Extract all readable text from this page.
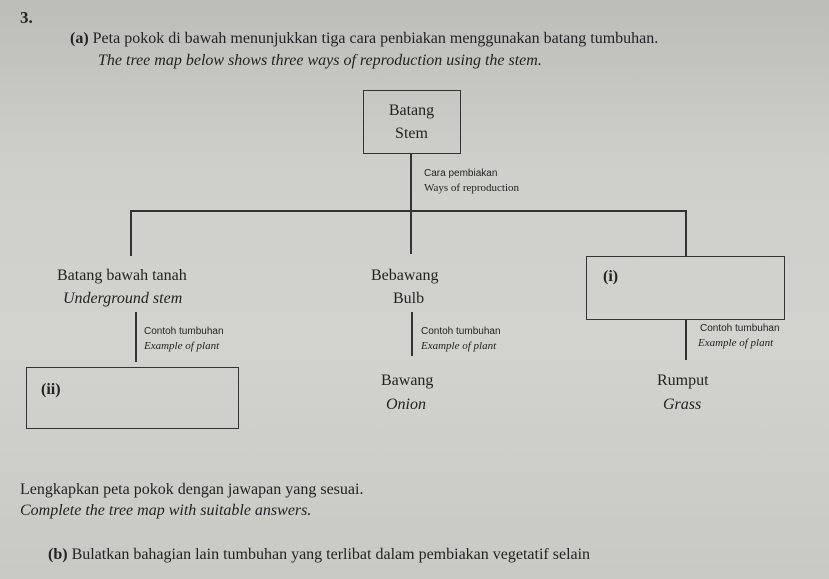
3.
(a) Peta pokok di bawah menunjukkan tiga cara penbiakan menggunakan batang tumbuhan.
The tree map below shows three ways of reproduction using the stem.
Batang
Stem
Cara pembiakan
Ways of reproduction
Batang bawah tanah
Underground stem
Contoh tumbuhan
Example of plant
(ii)
Bebawang
Bulb
Contoh tumbuhan
Example of plant
Bawang
Onion
(i)
Contoh tumbuhan
Example of plant
Rumput
Grass
Lengkapkan peta pokok dengan jawapan yang sesuai.
Complete the tree map with suitable answers.
(b) Bulatkan bahagian lain tumbuhan yang terlibat dalam pembiakan vegetatif selain
